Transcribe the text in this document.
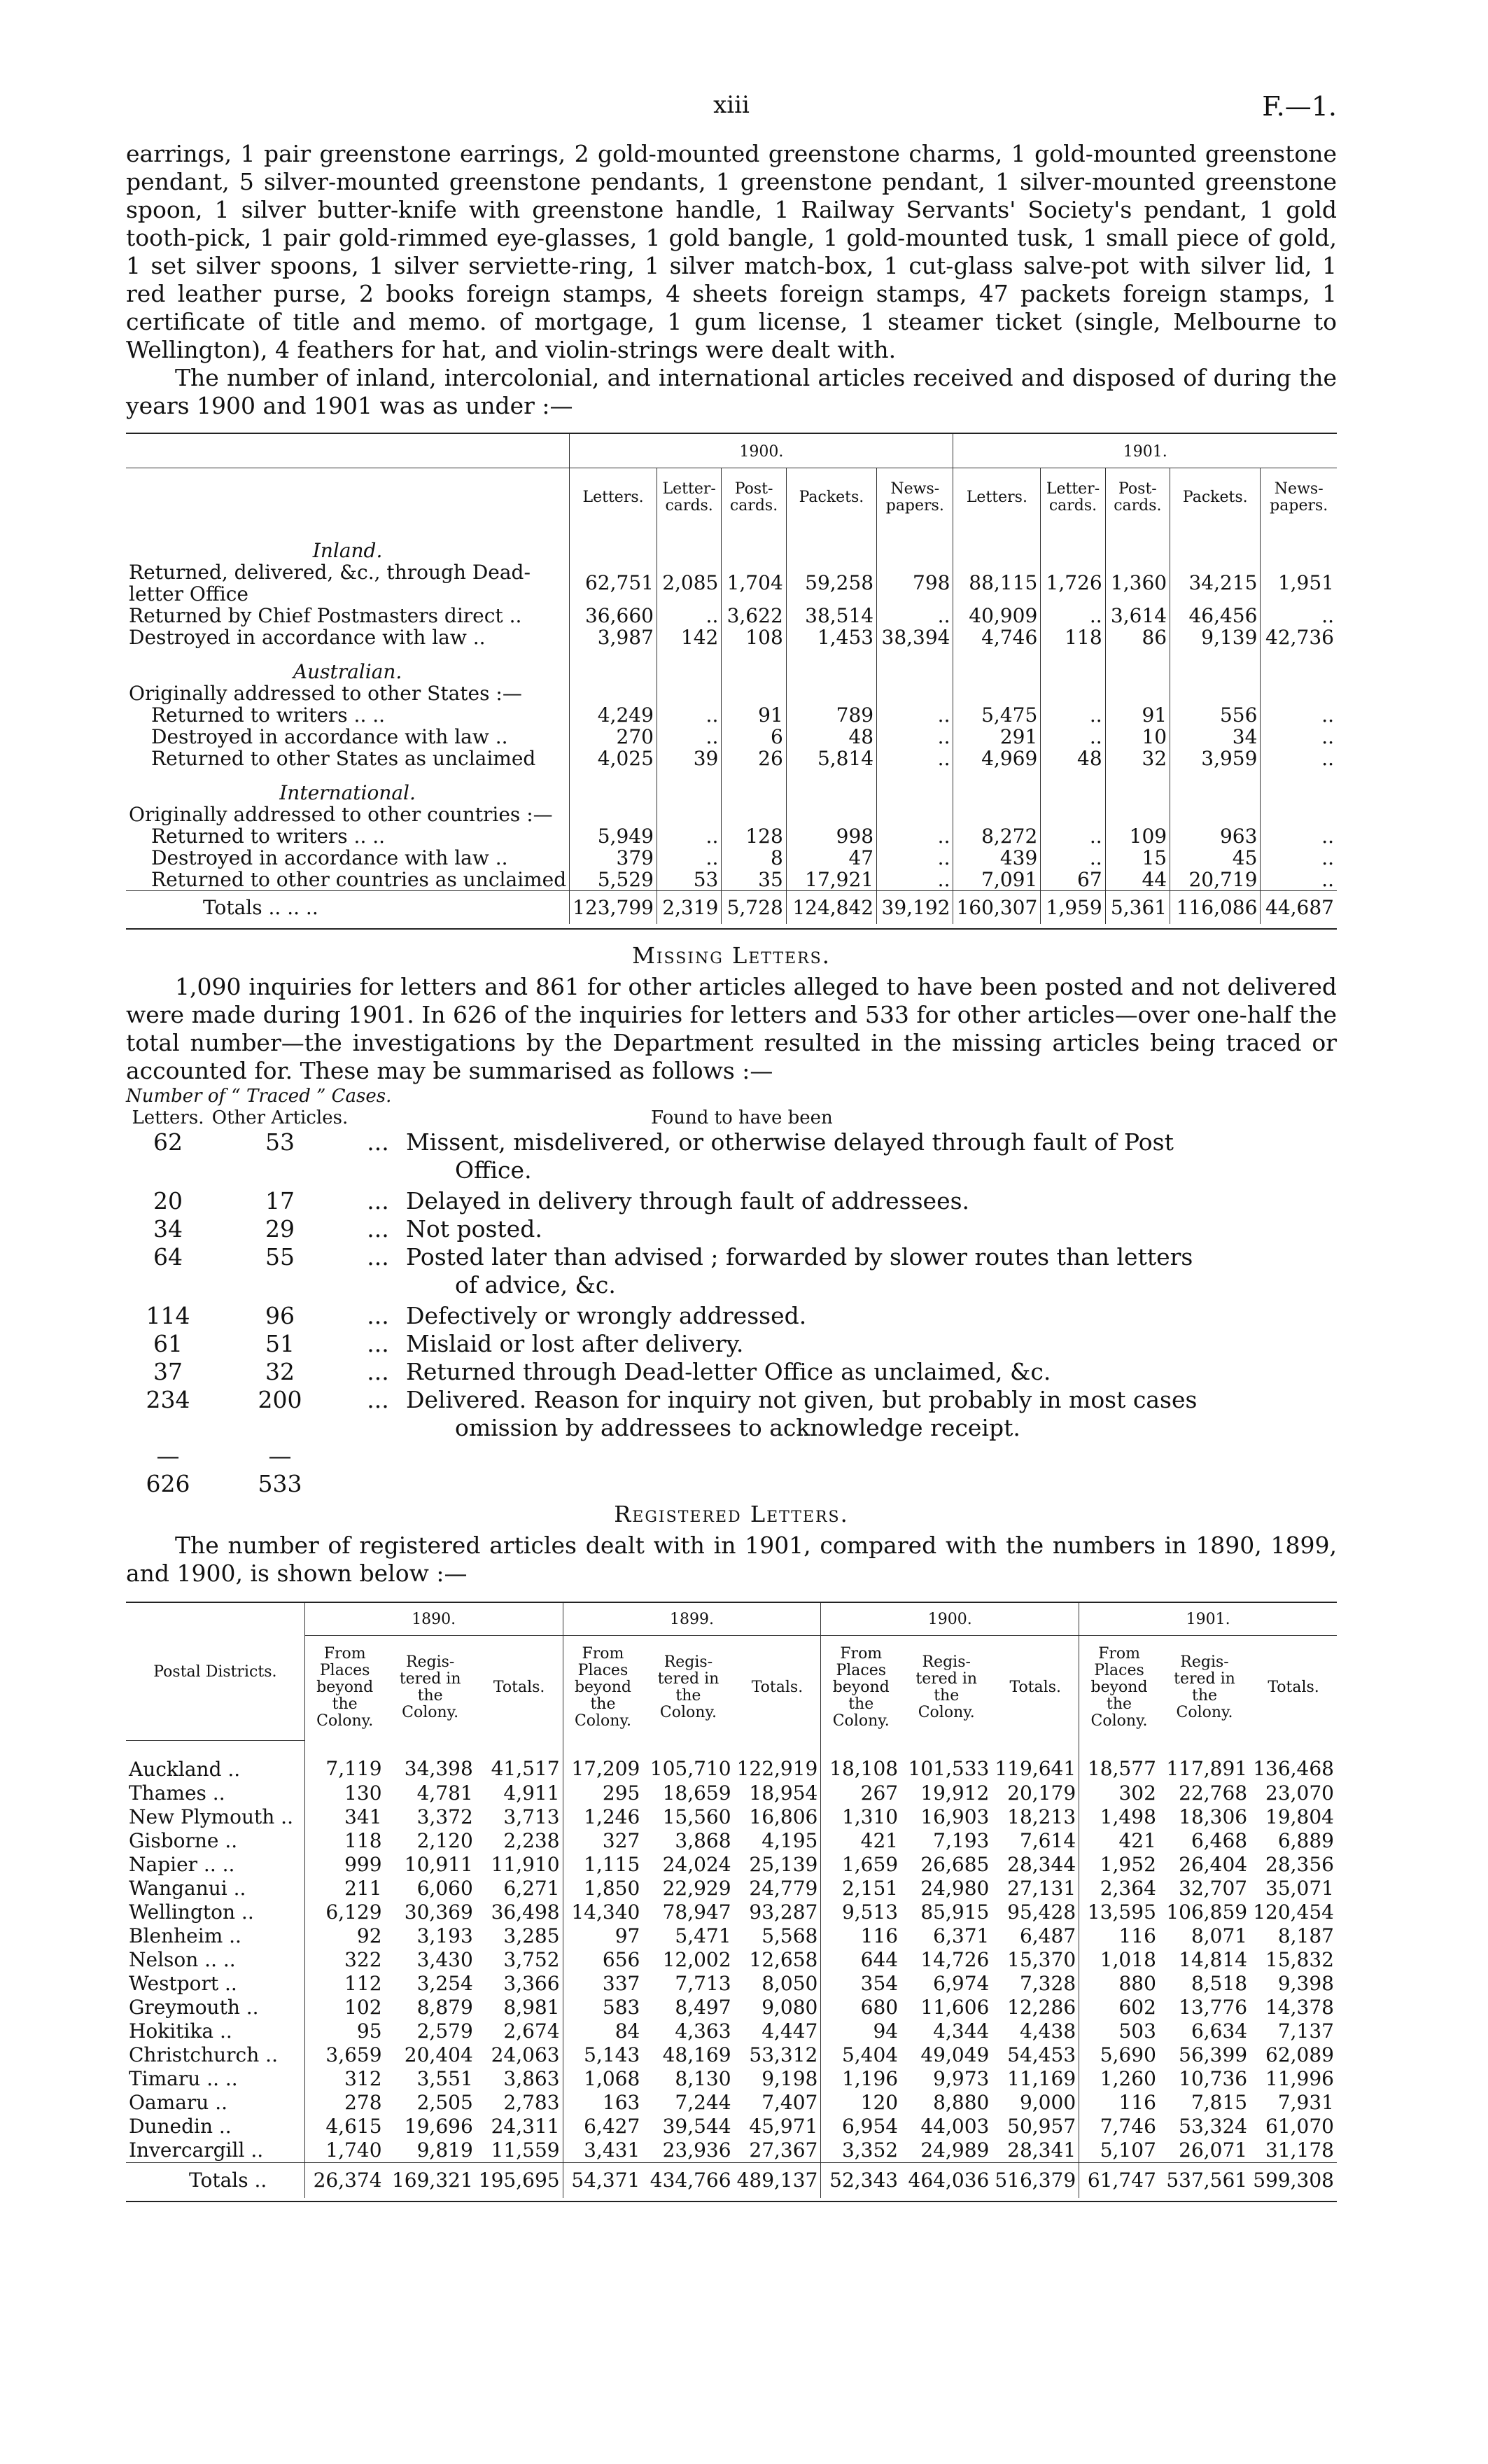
xiii	F.—1.

earrings, 1 pair greenstone earrings, 2 gold-mounted greenstone charms, 1 gold-mounted greenstone pendant, 5 silver-mounted greenstone pendants, 1 greenstone pendant, 1 silver-mounted greenstone spoon, 1 silver butter-knife with greenstone handle, 1 Railway Servants' Society's pendant, 1 gold tooth-pick, 1 pair gold-rimmed eye-glasses, 1 gold bangle, 1 gold-mounted tusk, 1 small piece of gold, 1 set silver spoons, 1 silver serviette-ring, 1 silver match-box, 1 cut-glass salve-pot with silver lid, 1 red leather purse, 2 books foreign stamps, 4 sheets foreign stamps, 47 packets foreign stamps, 1 certificate of title and memo. of mortgage, 1 gum license, 1 steamer ticket (single, Melbourne to Wellington), 4 feathers for hat, and violin-strings were dealt with.

The number of inland, intercolonial, and international articles received and disposed of during the years 1900 and 1901 was as under :—

	1900.					1901.				
	Letters.	Letter-cards.	Post-cards.	Packets.	News-papers.	Letters.	Letter-cards.	Post-cards.	Packets.	News-papers.
Inland.										
Returned, delivered, &c., through Dead-letter Office	62,751	2,085	1,704	59,258	798	88,115	1,726	1,360	34,215	1,951
Returned by Chief Postmasters direct ..	36,660	..	3,622	38,514	..	40,909	..	3,614	46,456	..
Destroyed in accordance with law ..	3,987	142	108	1,453	38,394	4,746	118	86	9,139	42,736
Australian.										
Originally addressed to other States :—										
Returned to writers .. ..	4,249	..	91	789	..	5,475	..	91	556	..
Destroyed in accordance with law ..	270	..	6	48	..	291	..	10	34	..
Returned to other States as unclaimed	4,025	39	26	5,814	..	4,969	48	32	3,959	..
International.										
Originally addressed to other countries :—										
Returned to writers .. ..	5,949	..	128	998	..	8,272	..	109	963	..
Destroyed in accordance with law ..	379	..	8	47	..	439	..	15	45	..
Returned to other countries as unclaimed	5,529	53	35	17,921	..	7,091	67	44	20,719	..
Totals .. .. ..	123,799	2,319	5,728	124,842	39,192	160,307	1,959	5,361	116,086	44,687
Missing Letters.

1,090 inquiries for letters and 861 for other articles alleged to have been posted and not delivered were made during 1901. In 626 of the inquiries for letters and 533 for other articles—over one-half the total number—the investigations by the Department resulted in the missing articles being traced or accounted for. These may be summarised as follows :—

Number of “ Traced ” Cases.
Letters. Other Articles.	Found to have been
62	53	... Missent, misdelivered, or otherwise delayed through fault of Post
Office.
20	17	... Delayed in delivery through fault of addressees.
34	29	... Not posted.
64	55	... Posted later than advised ; forwarded by slower routes than letters
of advice, &c.
114	96	... Defectively or wrongly addressed.
61	51	... Mislaid or lost after delivery.
37	32	... Returned through Dead-letter Office as unclaimed, &c.
234	200	... Delivered. Reason for inquiry not given, but probably in most cases
omission by addressees to acknowledge receipt.
—	—
626	533
Registered Letters.

The number of registered articles dealt with in 1901, compared with the numbers in 1890, 1899, and 1900, is shown below :—

Postal Districts.	1890.			1899.			1900.			1901.		
	From Places beyond the Colony.	Regis-tered in the Colony.	Totals.	From Places beyond the Colony.	Regis-tered in the Colony.	Totals.	From Places beyond the Colony.	Regis-tered in the Colony.	Totals.	From Places beyond the Colony.	Regis-tered in the Colony.	Totals.
Auckland ..	7,119	34,398	41,517	17,209	105,710	122,919	18,108	101,533	119,641	18,577	117,891	136,468
Thames ..	130	4,781	4,911	295	18,659	18,954	267	19,912	20,179	302	22,768	23,070
New Plymouth ..	341	3,372	3,713	1,246	15,560	16,806	1,310	16,903	18,213	1,498	18,306	19,804
Gisborne ..	118	2,120	2,238	327	3,868	4,195	421	7,193	7,614	421	6,468	6,889
Napier .. ..	999	10,911	11,910	1,115	24,024	25,139	1,659	26,685	28,344	1,952	26,404	28,356
Wanganui ..	211	6,060	6,271	1,850	22,929	24,779	2,151	24,980	27,131	2,364	32,707	35,071
Wellington ..	6,129	30,369	36,498	14,340	78,947	93,287	9,513	85,915	95,428	13,595	106,859	120,454
Blenheim ..	92	3,193	3,285	97	5,471	5,568	116	6,371	6,487	116	8,071	8,187
Nelson .. ..	322	3,430	3,752	656	12,002	12,658	644	14,726	15,370	1,018	14,814	15,832
Westport ..	112	3,254	3,366	337	7,713	8,050	354	6,974	7,328	880	8,518	9,398
Greymouth ..	102	8,879	8,981	583	8,497	9,080	680	11,606	12,286	602	13,776	14,378
Hokitika ..	95	2,579	2,674	84	4,363	4,447	94	4,344	4,438	503	6,634	7,137
Christchurch ..	3,659	20,404	24,063	5,143	48,169	53,312	5,404	49,049	54,453	5,690	56,399	62,089
Timaru .. ..	312	3,551	3,863	1,068	8,130	9,198	1,196	9,973	11,169	1,260	10,736	11,996
Oamaru ..	278	2,505	2,783	163	7,244	7,407	120	8,880	9,000	116	7,815	7,931
Dunedin ..	4,615	19,696	24,311	6,427	39,544	45,971	6,954	44,003	50,957	7,746	53,324	61,070
Invercargill ..	1,740	9,819	11,559	3,431	23,936	27,367	3,352	24,989	28,341	5,107	26,071	31,178
Totals ..	26,374	169,321	195,695	54,371	434,766	489,137	52,343	464,036	516,379	61,747	537,561	599,308
